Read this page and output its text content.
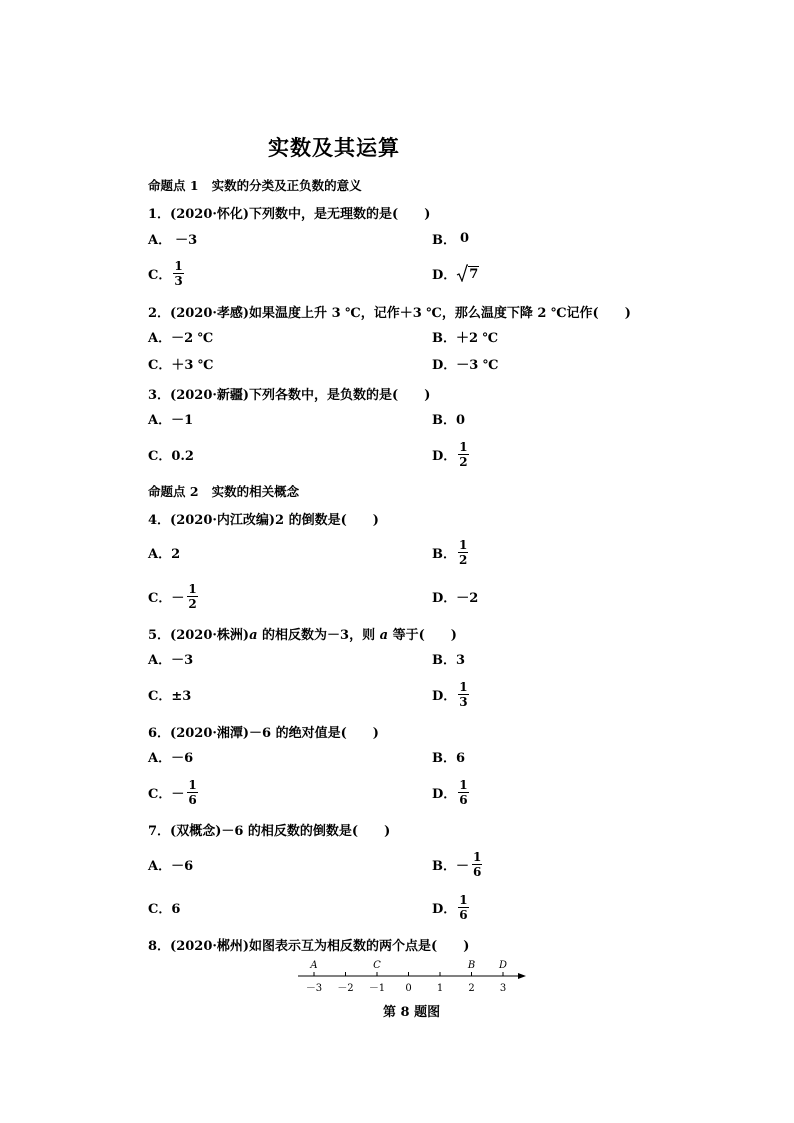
实数及其运算
命题点 1 实数的分类及正负数的意义
1．(2020·怀化)下列数中，是无理数的是(　　)
A． －3	B． 0
C． $\frac{1}{3}$	D． 7
2．(2020·孝感)如果温度上升 3 ℃，记作＋3 ℃，那么温度下降 2 ℃记作(　　)
A．－2 ℃	B．＋2 ℃
C．＋3 ℃	D．－3 ℃
3．(2020·新疆)下列各数中，是负数的是(　　)
A．－1	B．0
C．0.2	D． $\frac{1}{2}$
命题点 2 实数的相关概念
4．(2020·内江改编)2 的倒数是(　　)
A．2	B． $\frac{1}{2}$
C． － $\frac{1}{2}$	D．－2
5．(2020·株洲)a 的相反数为－3，则 a 等于(　　)
A．－3	B．3
C．±3	D． $\frac{1}{3}$
6．(2020·湘潭)－6 的绝对值是(　　)
A．－6	B．6
C． － $\frac{1}{6}$	D． $\frac{1}{6}$
7．(双概念)－6 的相反数的倒数是(　　)
A．－6	B． － $\frac{1}{6}$
C．6	D． $\frac{1}{6}$
8．(2020·郴州)如图表示互为相反数的两个点是(　　)
－3 －2 －1 0	1	2	3
A	C	B D
第 8 题图
